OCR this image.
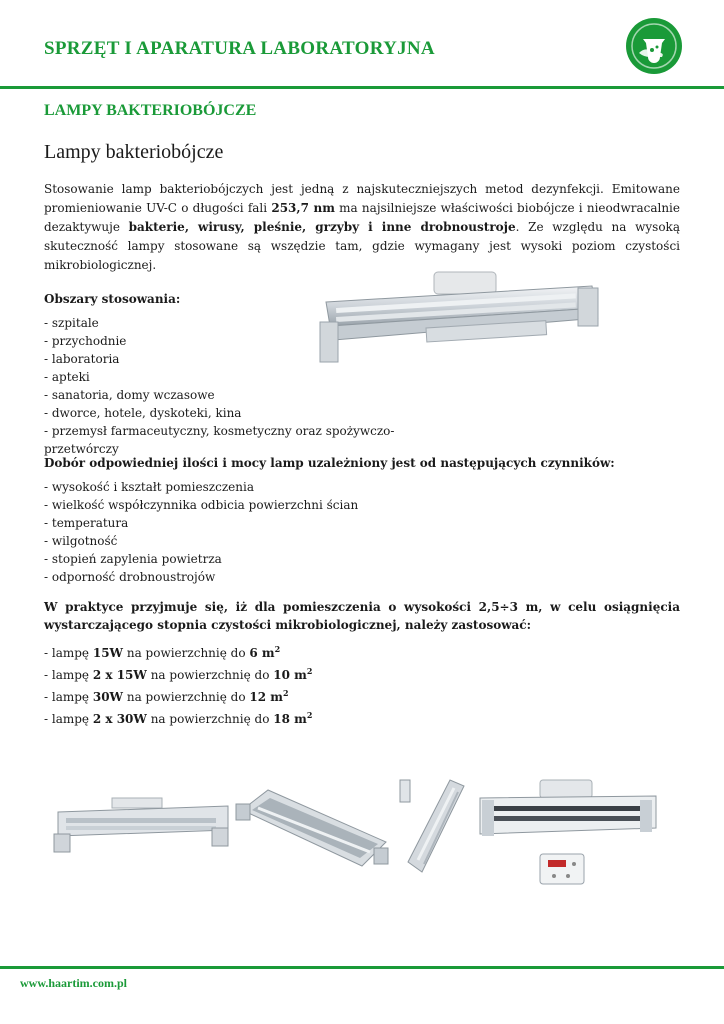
SPRZĘT I APARATURA LABORATORYJNA
LAMPY BAKTERIOBÓJCZE
Lampy bakteriobójcze
Stosowanie lamp bakteriobójczych jest jedną z najskuteczniejszych metod dezynfekcji. Emitowane promieniowanie UV-C o długości fali 253,7 nm ma najsilniejsze właściwości biobójcze i nieodwracalnie dezaktywuje bakterie, wirusy, pleśnie, grzyby i inne drobnoustroje. Ze względu na wysoką skuteczność lampy stosowane są wszędzie tam, gdzie wymagany jest wysoki poziom czystości mikrobiologicznej.
Obszary stosowania:
- szpitale
- przychodnie
- laboratoria
- apteki
- sanatoria, domy wczasowe
- dworce, hotele, dyskoteki, kina
- przemysł farmaceutyczny, kosmetyczny oraz spożywczo-przetwórczy
Dobór odpowiedniej ilości i mocy lamp uzależniony jest od następujących czynników:
- wysokość i kształt pomieszczenia
- wielkość współczynnika odbicia powierzchni ścian
- temperatura
- wilgotność
- stopień zapylenia powietrza
- odporność drobnoustrojów
W praktyce przyjmuje się, iż dla pomieszczenia o wysokości 2,5÷3 m, w celu osiągnięcia wystarczającego stopnia czystości mikrobiologicznej, należy zastosować:
- lampę 15W na powierzchnię do 6 $m^2$
- lampę 2 x 15W na powierzchnię do 10 $m^2$
- lampę 30W na powierzchnię do 12 $m^2$
- lampę 2 x 30W na powierzchnię do 18 $m^2$
www.haartim.com.pl
